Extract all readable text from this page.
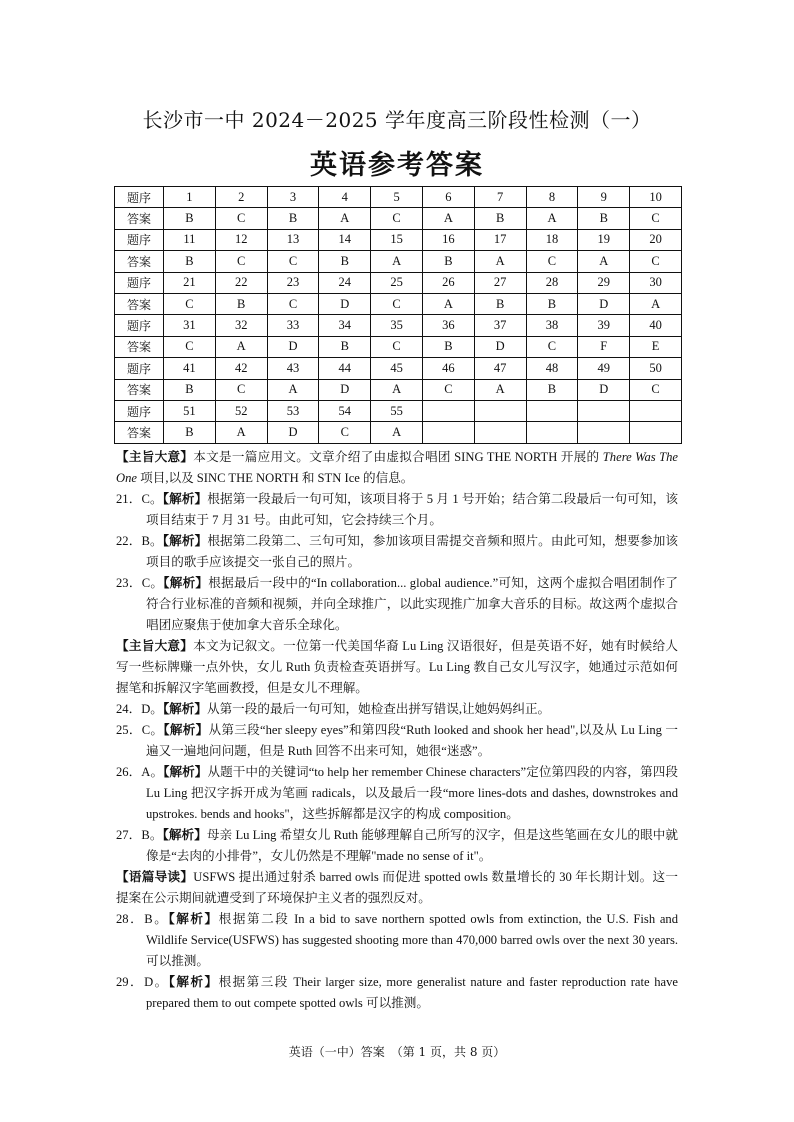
长沙市一中 2024－2025 学年度高三阶段性检测（一）
英语参考答案
题序	1	2	3	4	5	6	7	8	9	10
答案	B	C	B	A	C	A	B	A	B	C
题序	11	12	13	14	15	16	17	18	19	20
答案	B	C	C	B	A	B	A	C	A	C
题序	21	22	23	24	25	26	27	28	29	30
答案	C	B	C	D	C	A	B	B	D	A
题序	31	32	33	34	35	36	37	38	39	40
答案	C	A	D	B	C	B	D	C	F	E
题序	41	42	43	44	45	46	47	48	49	50
答案	B	C	A	D	A	C	A	B	D	C
题序	51	52	53	54	55					
答案	B	A	D	C	A					

【主旨大意】本文是一篇应用文。文章介绍了由虚拟合唱团 SING THE NORTH 开展的 There Was The One 项目,以及 SINC THE NORTH 和 STN Ice 的信息。

21．C。【解析】根据第一段最后一句可知，该项目将于 5 月 1 号开始；结合第二段最后一句可知，该项目结束于 7 月 31 号。由此可知，它会持续三个月。

22．B。【解析】根据第二段第二、三句可知，参加该项目需提交音频和照片。由此可知，想要参加该项目的歌手应该提交一张自己的照片。

23．C。【解析】根据最后一段中的“In collaboration... global audience.”可知，这两个虚拟合唱团制作了符合行业标准的音频和视频，并向全球推广，以此实现推广加拿大音乐的目标。故这两个虚拟合唱团应聚焦于使加拿大音乐全球化。

【主旨大意】本文为记叙文。一位第一代美国华裔 Lu Ling 汉语很好，但是英语不好，她有时候给人写一些标牌赚一点外快，女儿 Ruth 负责检查英语拼写。Lu Ling 教自己女儿写汉字，她通过示范如何握笔和拆解汉字笔画教授，但是女儿不理解。

24．D。【解析】从第一段的最后一句可知，她检查出拼写错误,让她妈妈纠正。

25．C。【解析】从第三段“her sleepy eyes”和第四段“Ruth looked and shook her head",以及从 Lu Ling 一遍又一遍地问问题，但是 Ruth 回答不出来可知，她很“迷惑”。

26．A。【解析】从题干中的关键词“to help her remember Chinese characters”定位第四段的内容，第四段 Lu Ling 把汉字拆开成为笔画 radicals，以及最后一段“more lines-dots and dashes, downstrokes and upstrokes. bends and hooks"，这些拆解都是汉字的构成 composition。

27．B。【解析】母亲 Lu Ling 希望女儿 Ruth 能够理解自己所写的汉字，但是这些笔画在女儿的眼中就像是“去肉的小排骨”，女儿仍然是不理解"made no sense of it"。

【语篇导读】USFWS 提出通过射杀 barred owls 而促进 spotted owls 数量增长的 30 年长期计划。这一提案在公示期间就遭受到了环境保护主义者的强烈反对。

28．B。【解析】根据第二段 In a bid to save northern spotted owls from extinction, the U.S. Fish and Wildlife Service(USFWS) has suggested shooting more than 470,000 barred owls over the next 30 years. 可以推测。

29．D。【解析】根据第三段 Their larger size, more generalist nature and faster reproduction rate have prepared them to out compete spotted owls 可以推测。

英语（一中）答案　（第 1 页，共 8 页）
